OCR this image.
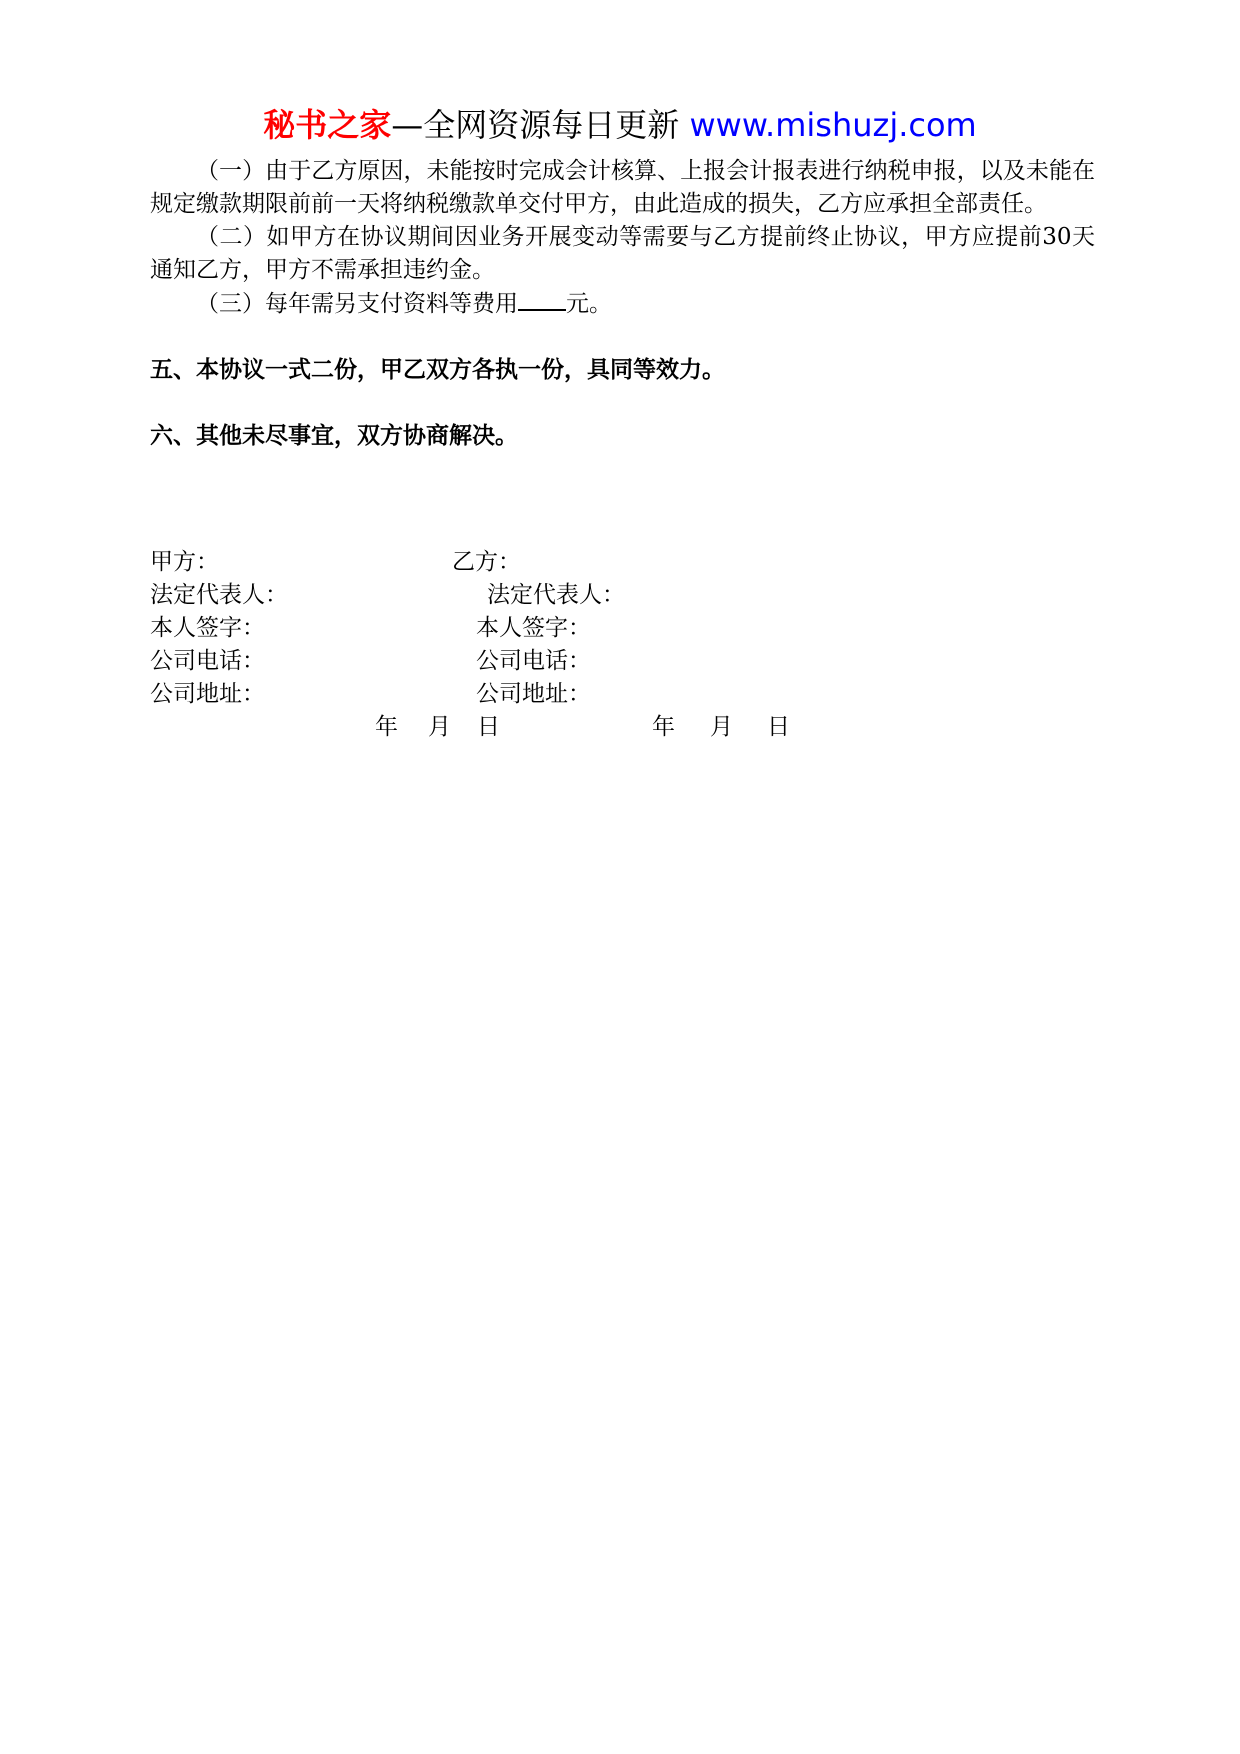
秘书之家—全网资源每日更新 www.mishuzj.com

（一）由于乙方原因，未能按时完成会计核算、上报会计报表进行纳税申报，以及未能在规定缴款期限前前一天将纳税缴款单交付甲方，由此造成的损失，乙方应承担全部责任。

（二）如甲方在协议期间因业务开展变动等需要与乙方提前终止协议，甲方应提前30天通知乙方，甲方不需承担违约金。

（三）每年需另支付资料等费用 元。

五、本协议一式二份，甲乙双方各执一份，具同等效力。

六、其他未尽事宜，双方协商解决。

甲方：
法定代表人：
本人签字：
公司电话：
公司地址：
乙方：
法定代表人：
本人签字：
公司电话：
公司地址：
年 月 日	年 月 日
